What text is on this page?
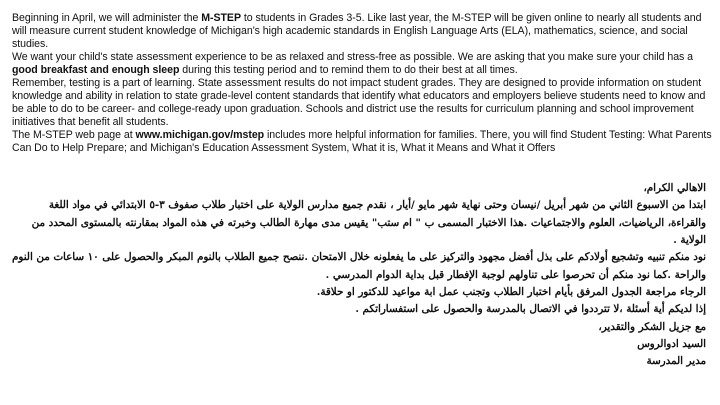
Beginning in April, we will administer the M-STEP to students in Grades 3-5. Like last year, the M-STEP will be given online to nearly all students and will measure current student knowledge of Michigan's high academic standards in English Language Arts (ELA), mathematics, science, and social studies.

We want your child's state assessment experience to be as relaxed and stress-free as possible. We are asking that you make sure your child has a good breakfast and enough sleep during this testing period and to remind them to do their best at all times.

Remember, testing is a part of learning. State assessment results do not impact student grades. They are designed to provide information on student knowledge and ability in relation to state grade-level content standards that identify what educators and employers believe students need to know and be able to do to be career- and college-ready upon graduation. Schools and district use the results for curriculum planning and school improvement initiatives that benefit all students.

The M-STEP web page at www.michigan.gov/mstep includes more helpful information for families. There, you will find Student Testing: What Parents Can Do to Help Prepare; and Michigan's Education Assessment System, What it is, What it Means and What it Offers

الاهالي الكرام،

ابتدا من الاسبوع الثاني من شهر أبريل /نيسان وحتى نهاية شهر مايو /أيار ، نقدم جميع مدارس الولاية على اختبار طلاب صفوف ٣-٥ الابتدائي في مواد اللغة والقراءة، الرياضيات، العلوم والاجتماعيات .هذا الاختبار المسمى ب " ام ستب" يقيس مدى مهارة الطالب وخبرته في هذه المواد بمقارنته بالمستوى المحدد من الولاية .

نود منكم تنبيه وتشجيع أولادكم على بذل أفضل مجهود والتركيز على ما يفعلونه خلال الامتحان .ننصح جميع الطلاب بالنوم المبكر والحصول على ١٠ ساعات من النوم والراحة .كما نود منكم أن تحرصوا على تناولهم لوجبة الإفطار قبل بداية الدوام المدرسي .

الرجاء مراجعة الجدول المرفق بأيام اختبار الطلاب وتجنب عمل ابة مواعيد للدكتور او حلاقة.

إذا لديكم أية أسئلة ،لا تترددوا في الاتصال بالمدرسة والحصول على استفساراتكم .

مع جزيل الشكر والتقدير،

السيد ادوالروس

مدير المدرسة
